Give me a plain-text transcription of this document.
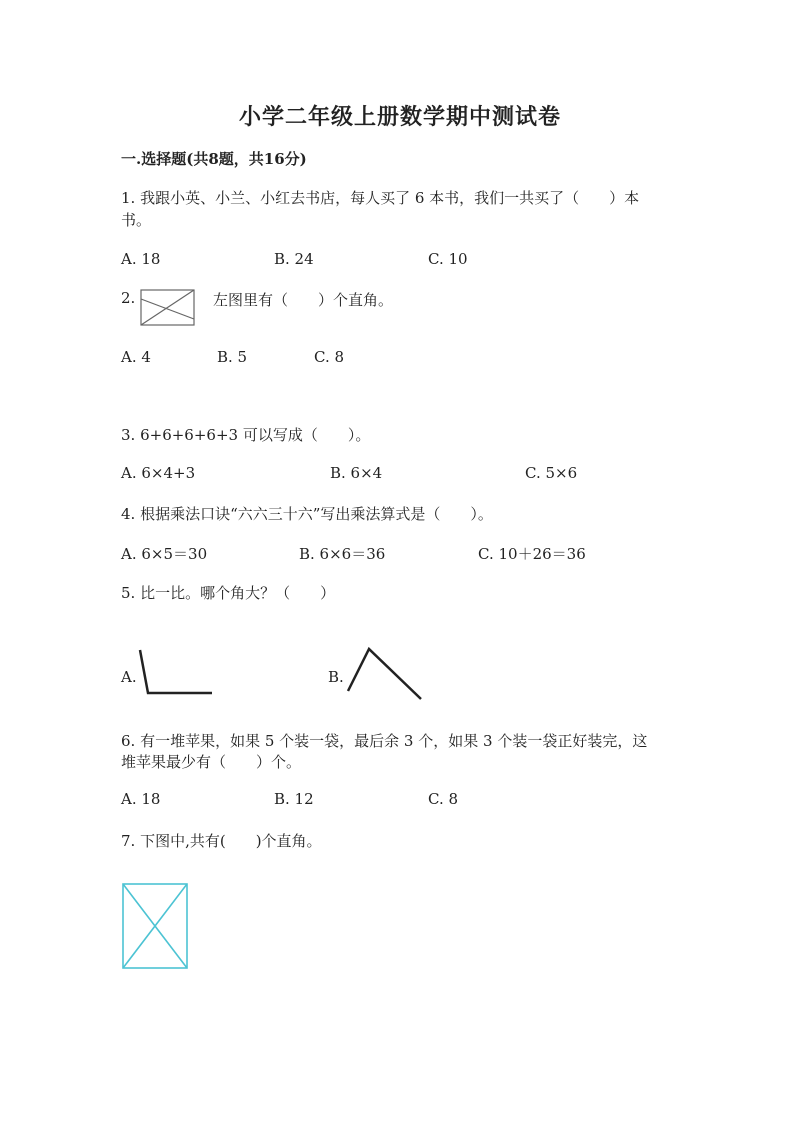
小学二年级上册数学期中测试卷
一.选择题(共8题，共16分)
1. 我跟小英、小兰、小红去书店，每人买了 6 本书，我们一共买了（　　）本
书。
A. 18	B. 24	C. 10
2.	左图里有（　　）个直角。
A. 4	B. 5	C. 8
3. 6+6+6+6+3 可以写成（　　）。
A. 6×4+3	B. 6×4	C. 5×6
4. 根据乘法口诀“六六三十六”写出乘法算式是（　　）。
A. 6×5＝30	B. 6×6＝36	C. 10＋26＝36
5. 比一比。哪个角大？（　　）
A.	B.
6. 有一堆苹果，如果 5 个装一袋，最后余 3 个，如果 3 个装一袋正好装完，这
堆苹果最少有（　　）个。
A. 18	B. 12	C. 8
7. 下图中,共有(　　)个直角。
